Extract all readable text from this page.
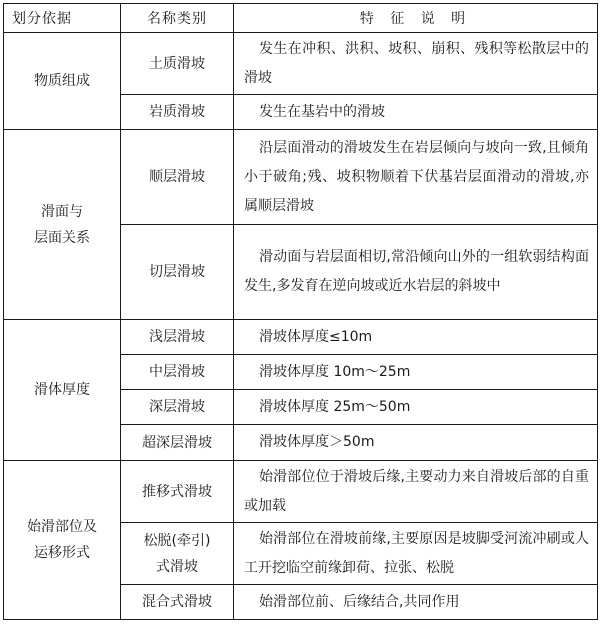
划分依据	名称类别	特 征 说 明

物质组成	土质滑坡	发生在冲积、洪积、坡积、崩积、残积等松散层中的滑坡

	岩质滑坡	发生在基岩中的滑坡

滑面与
层面关系	顺层滑坡	沿层面滑动的滑坡发生在岩层倾向与坡向一致,且倾角小于破角;残、坡积物顺着下伏基岩层面滑动的滑坡,亦属顺层滑坡

	切层滑坡	滑动面与岩层面相切,常沿倾向山外的一组软弱结构面发生,多发育在逆向坡或近水岩层的斜坡中

滑体厚度	浅层滑坡	滑坡体厚度≤10m

	中层滑坡	滑坡体厚度 10m～25m

	深层滑坡	滑坡体厚度 25m～50m

	超深层滑坡	滑坡体厚度＞50m

始滑部位及
运移形式	推移式滑坡	始滑部位位于滑坡后缘,主要动力来自滑坡后部的自重或加载

	松脱(牵引)
式滑坡	始滑部位在滑坡前缘,主要原因是坡脚受河流冲刷或人工开挖临空前缘卸荷、拉张、松脱

	混合式滑坡	始滑部位前、后缘结合,共同作用
